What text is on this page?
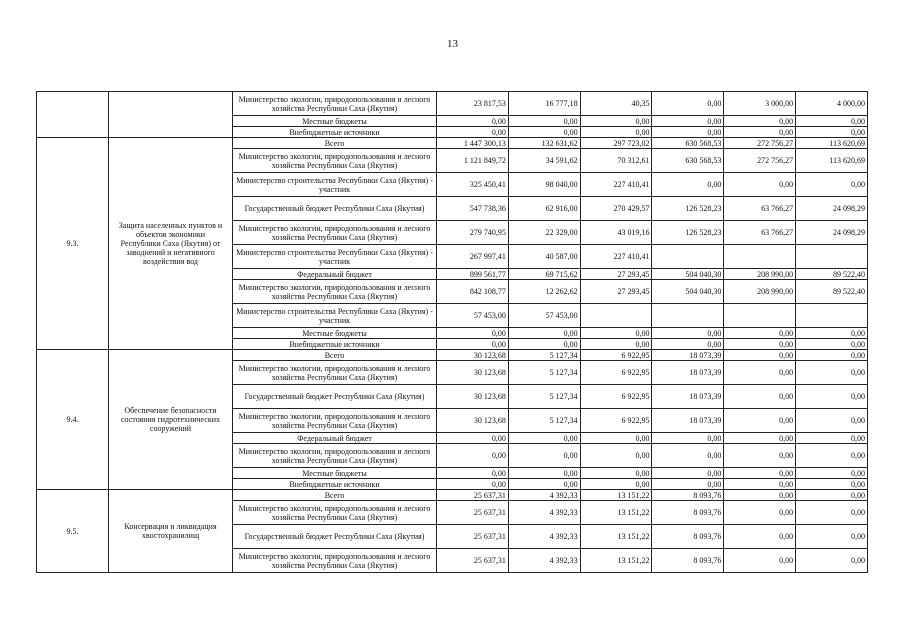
13
		Министерство экологии, природопользования и лесного хозяйства Республики Саха (Якутия)	23 817,53	16 777,18	40,35	0,00	3 000,00	4 000,00
		Местные бюджеты	0,00	0,00	0,00	0,00	0,00	0,00
		Внебюджетные источники	0,00	0,00	0,00	0,00	0,00	0,00
9.3.	Защита населенных пунктов и объектов экономики Республики Саха (Якутия) от заводнений и негативного воздействия вод	Всего	1 447 300,13	132 631,62	297 723,02	630 568,53	272 756,27	113 620,69
		Министерство экологии, природопользования и лесного хозяйства Республики Саха (Якутия)	1 121 849,72	34 591,62	70 312,61	630 568,53	272 756,27	113 620,69
		Министерство строительства Республики Саха (Якутия) - участник	325 450,41	98 040,00	227 410,41	0,00	0,00	0,00
		Государственный бюджет Республики Саха (Якутия)	547 738,36	62 916,00	270 429,57	126 528,23	63 766,27	24 098,29
		Министерство экологии, природопользования и лесного хозяйства Республики Саха (Якутия)	279 740,95	22 329,00	43 019,16	126 528,23	63 766,27	24 098,29
		Министерство строительства Республики Саха (Якутия) - участник	267 997,41	40 587,00	227 410,41			
		Федеральный бюджет	899 561,77	69 715,62	27 293,45	504 040,30	208 990,00	89 522,40
		Министерство экологии, природопользования и лесного хозяйства Республики Саха (Якутия)	842 108,77	12 262,62	27 293,45	504 040,30	208 990,00	89 522,40
		Министерство строительства Республики Саха (Якутия) - участник	57 453,00	57 453,00				
		Местные бюджеты	0,00	0,00	0,00	0,00	0,00	0,00
		Внебюджетные источники	0,00	0,00	0,00	0,00	0,00	0,00
9.4.	Обеспечение безопасности состояния гидротехнических сооружений	Всего	30 123,68	5 127,34	6 922,95	18 073,39	0,00	0,00
		Министерство экологии, природопользования и лесного хозяйства Республики Саха (Якутия)	30 123,68	5 127,34	6 922,95	18 073,39	0,00	0,00
		Государственный бюджет Республики Саха (Якутия)	30 123,68	5 127,34	6 922,95	18 073,39	0,00	0,00
		Министерство экологии, природопользования и лесного хозяйства Республики Саха (Якутия)	30 123,68	5 127,34	6 922,95	18 073,39	0,00	0,00
		Федеральный бюджет	0,00	0,00	0,00	0,00	0,00	0,00
		Министерство экологии, природопользования и лесного хозяйства Республики Саха (Якутия)	0,00	0,00	0,00	0,00	0,00	0,00
		Местные бюджеты	0,00	0,00	0,00	0,00	0,00	0,00
		Внебюджетные источники	0,00	0,00	0,00	0,00	0,00	0,00
9.5.	Консервация и ликвидация хвостохранилищ	Всего	25 637,31	4 392,33	13 151,22	8 093,76	0,00	0,00
		Министерство экологии, природопользования и лесного хозяйства Республики Саха (Якутия)	25 637,31	4 392,33	13 151,22	8 093,76	0,00	0,00
		Государственный бюджет Республики Саха (Якутия)	25 637,31	4 392,33	13 151,22	8 093,76	0,00	0,00
		Министерство экологии, природопользования и лесного хозяйства Республики Саха (Якутия)	25 637,31	4 392,33	13 151,22	8 093,76	0,00	0,00
